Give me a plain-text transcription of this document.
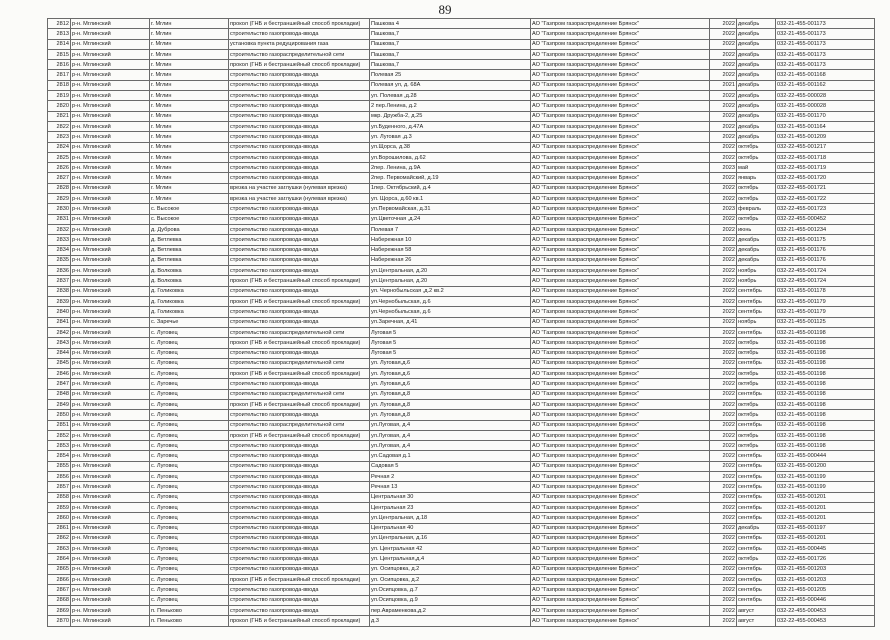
89
2812	р-н. Мглинский	г. Мглин	прокол (ГНБ и бестраншейный способ прокладки)	Пашкова 4	АО "Газпром газораспределение Брянск"	2022	декабрь	032-21-455-001173
2813	р-н. Мглинский	г. Мглин	строительство газопровода-ввода	Пашкова,7	АО "Газпром газораспределение Брянск"	2022	декабрь	032-21-455-001173
2814	р-н. Мглинский	г. Мглин	установка пункта редуцирования газа	Пашкова,7	АО "Газпром газораспределение Брянск"	2022	декабрь	032-21-455-001173
2815	р-н. Мглинский	г. Мглин	строительство газораспределительной сети	Пашкова,7	АО "Газпром газораспределение Брянск"	2022	декабрь	032-21-455-001173
2816	р-н. Мглинский	г. Мглин	прокол (ГНБ и бестраншейный способ прокладки)	Пашкова,7	АО "Газпром газораспределение Брянск"	2022	декабрь	032-21-455-001173
2817	р-н. Мглинский	г. Мглин	строительство газопровода-ввода	Полевая 25	АО "Газпром газораспределение Брянск"	2022	декабрь	032-21-455-001168
2818	р-н. Мглинский	г. Мглин	строительство газопровода-ввода	Полевая ул, д. 68А	АО "Газпром газораспределение Брянск"	2021	декабрь	032-21-455-001162
2819	р-н. Мглинский	г. Мглин	строительство газопровода-ввода	ул. Полевая ,д.28	АО "Газпром газораспределение Брянск"	2022	декабрь	032-22-455-000028
2820	р-н. Мглинский	г. Мглин	строительство газопровода-ввода	2 пер.Ленина, д.2	АО "Газпром газораспределение Брянск"	2022	декабрь	032-21-455-000028
2821	р-н. Мглинский	г. Мглин	строительство газопровода-ввода	мкр. Дружба-2, д.25	АО "Газпром газораспределение Брянск"	2022	декабрь	032-21-455-001170
2822	р-н. Мглинский	г. Мглин	строительство газопровода-ввода	ул.Буденного, д.47А	АО "Газпром газораспределение Брянск"	2022	декабрь	032-21-455-001164
2823	р-н. Мглинский	г. Мглин	строительство газопровода-ввода	ул. Луговая ,д.3	АО "Газпром газораспределение Брянск"	2022	декабрь	032-21-455-001209
2824	р-н. Мглинский	г. Мглин	строительство газопровода-ввода	ул.Щорса, д.38	АО "Газпром газораспределение Брянск"	2022	октябрь	032-22-455-001217
2825	р-н. Мглинский	г. Мглин	строительство газопровода-ввода	ул.Ворошилова, д.62	АО "Газпром газораспределение Брянск"	2022	октябрь	032-22-455-001718
2826	р-н. Мглинский	г. Мглин	строительство газопровода-ввода	2пер. Ленина, д.9А	АО "Газпром газораспределение Брянск"	2023	май	032-22-455-001719
2827	р-н. Мглинский	г. Мглин	строительство газопровода-ввода	2пер. Первомайский, д.19	АО "Газпром газораспределение Брянск"	2022	январь	032-22-455-001720
2828	р-н. Мглинский	г. Мглин	врезка на участке заглушки (нулевая врезка)	1пер. Октябрьский, д.4	АО "Газпром газораспределение Брянск"	2022	октябрь	032-22-455-001721
2829	р-н. Мглинский	г. Мглин	врезка на участке заглушки (нулевая врезка)	ул. Щорса, д.60 кв.1	АО "Газпром газораспределение Брянск"	2022	октябрь	032-22-455-001722
2830	р-н. Мглинский	с. Высокое	строительство газопровода-ввода	ул.Первомайская, д.31	АО "Газпром газораспределение Брянск"	2023	февраль	032-22-455-001723
2831	р-н. Мглинский	с. Высокое	строительство газопровода-ввода	ул.Цветочная ,д.24	АО "Газпром газораспределение Брянск"	2022	октябрь	032-22-455-000452
2832	р-н. Мглинский	д. Дуброва	строительство газопровода-ввода	Полевая 7	АО "Газпром газораспределение Брянск"	2022	июнь	032-21-455-001234
2833	р-н. Мглинский	д. Ветлевка	строительство газопровода-ввода	Набережная 10	АО "Газпром газораспределение Брянск"	2022	декабрь	032-21-455-001175
2834	р-н. Мглинский	д. Ветлевка	строительство газопровода-ввода	Набережная 58	АО "Газпром газораспределение Брянск"	2022	декабрь	032-21-455-001176
2835	р-н. Мглинский	д. Ветлевка	строительство газопровода-ввода	Набережная 26	АО "Газпром газораспределение Брянск"	2022	декабрь	032-21-455-001176
2836	р-н. Мглинский	д. Волковка	строительство газопровода-ввода	ул.Центральная, д.20	АО "Газпром газораспределение Брянск"	2022	ноябрь	032-22-455-001724
2837	р-н. Мглинский	д. Волковка	прокол (ГНБ и бестраншейный способ прокладки)	ул.Центральная, д.20	АО "Газпром газораспределение Брянск"	2022	ноябрь	032-22-455-001724
2838	р-н. Мглинский	д. Голиковка	строительство газопровода-ввода	ул. Чернобыльская ,д.2 кв.2	АО "Газпром газораспределение Брянск"	2022	сентябрь	032-21-455-001178
2839	р-н. Мглинский	д. Голиковка	прокол (ГНБ и бестраншейный способ прокладки)	ул.Чернобыльская, д.6	АО "Газпром газораспределение Брянск"	2022	сентябрь	032-21-455-001179
2840	р-н. Мглинский	д. Голиковка	строительство газопровода-ввода	ул.Чернобыльская, д.6	АО "Газпром газораспределение Брянск"	2022	сентябрь	032-21-455-001179
2841	р-н. Мглинский	с. Заречье	строительство газопровода-ввода	ул.Заречная, д.41	АО "Газпром газораспределение Брянск"	2022	ноябрь	032-21-455-001125
2842	р-н. Мглинский	с. Луговец	строительство газораспределительной сети	Луговая 5	АО "Газпром газораспределение Брянск"	2022	сентябрь	032-21-455-001198
2843	р-н. Мглинский	с. Луговец	прокол (ГНБ и бестраншейный способ прокладки)	Луговая 5	АО "Газпром газораспределение Брянск"	2022	октябрь	032-21-455-001198
2844	р-н. Мглинский	с. Луговец	строительство газопровода-ввода	Луговая 5	АО "Газпром газораспределение Брянск"	2022	октябрь	032-21-455-001198
2845	р-н. Мглинский	с. Луговец	строительство газораспределительной сети	ул. Луговая,д.6	АО "Газпром газораспределение Брянск"	2022	сентябрь	032-21-455-001198
2846	р-н. Мглинский	с. Луговец	прокол (ГНБ и бестраншейный способ прокладки)	ул. Луговая,д.6	АО "Газпром газораспределение Брянск"	2022	октябрь	032-21-455-001198
2847	р-н. Мглинский	с. Луговец	строительство газопровода-ввода	ул. Луговая,д.6	АО "Газпром газораспределение Брянск"	2022	октябрь	032-21-455-001198
2848	р-н. Мглинский	с. Луговец	строительство газораспределительной сети	ул. Луговая,д.8	АО "Газпром газораспределение Брянск"	2022	сентябрь	032-21-455-001198
2849	р-н. Мглинский	с. Луговец	прокол (ГНБ и бестраншейный способ прокладки)	ул. Луговая,д.8	АО "Газпром газораспределение Брянск"	2022	октябрь	032-21-455-001198
2850	р-н. Мглинский	с. Луговец	строительство газопровода-ввода	ул. Луговая,д.8	АО "Газпром газораспределение Брянск"	2022	октябрь	032-21-455-001198
2851	р-н. Мглинский	с. Луговец	строительство газораспределительной сети	ул.Луговая, д.4	АО "Газпром газораспределение Брянск"	2022	сентябрь	032-21-455-001198
2852	р-н. Мглинский	с. Луговец	прокол (ГНБ и бестраншейный способ прокладки)	ул.Луговая, д.4	АО "Газпром газораспределение Брянск"	2022	октябрь	032-21-455-001198
2853	р-н. Мглинский	с. Луговец	строительство газопровода-ввода	ул.Луговая, д.4	АО "Газпром газораспределение Брянск"	2022	октябрь	032-21-455-001198
2854	р-н. Мглинский	с. Луговец	строительство газопровода-ввода	ул.Садовая д.1	АО "Газпром газораспределение Брянск"	2022	сентябрь	032-21-455-000444
2855	р-н. Мглинский	с. Луговец	строительство газопровода-ввода	Садовая 5	АО "Газпром газораспределение Брянск"	2022	сентябрь	032-21-455-001200
2856	р-н. Мглинский	с. Луговец	строительство газопровода-ввода	Речная 2	АО "Газпром газораспределение Брянск"	2022	сентябрь	032-21-455-001199
2857	р-н. Мглинский	с. Луговец	строительство газопровода-ввода	Речная 13	АО "Газпром газораспределение Брянск"	2022	сентябрь	032-21-455-001199
2858	р-н. Мглинский	с. Луговец	строительство газопровода-ввода	Центральная 30	АО "Газпром газораспределение Брянск"	2022	сентябрь	032-21-455-001201
2859	р-н. Мглинский	с. Луговец	строительство газопровода-ввода	Центральная 23	АО "Газпром газораспределение Брянск"	2022	сентябрь	032-21-455-001201
2860	р-н. Мглинский	с. Луговец	строительство газопровода-ввода	ул.Центральная, д.18	АО "Газпром газораспределение Брянск"	2022	сентябрь	032-21-455-001201
2861	р-н. Мглинский	с. Луговец	строительство газопровода-ввода	Центральная 40	АО "Газпром газораспределение Брянск"	2022	декабрь	032-21-455-001197
2862	р-н. Мглинский	с. Луговец	строительство газопровода-ввода	ул.Центральная, д.16	АО "Газпром газораспределение Брянск"	2022	сентябрь	032-21-455-001201
2863	р-н. Мглинский	с. Луговец	строительство газопровода-ввода	ул. Центральная 42	АО "Газпром газораспределение Брянск"	2022	сентябрь	032-21-455-000445
2864	р-н. Мглинский	с. Луговец	строительство газопровода-ввода	ул. Центральная,д.4	АО "Газпром газораспределение Брянск"	2022	октябрь	032-22-455-001726
2865	р-н. Мглинский	с. Луговец	строительство газопровода-ввода	ул. Осипцовка, д.2	АО "Газпром газораспределение Брянск"	2022	сентябрь	032-21-455-001203
2866	р-н. Мглинский	с. Луговец	прокол (ГНБ и бестраншейный способ прокладки)	ул. Осипцовка, д.2	АО "Газпром газораспределение Брянск"	2022	сентябрь	032-21-455-001203
2867	р-н. Мглинский	с. Луговец	строительство газопровода-ввода	ул.Осипцовка, д.7	АО "Газпром газораспределение Брянск"	2022	сентябрь	032-21-455-001205
2868	р-н. Мглинский	с. Луговец	строительство газопровода-ввода	ул.Осипцовка, д.9	АО "Газпром газораспределение Брянск"	2022	сентябрь	032-21-455-000446
2869	р-н. Мглинский	п. Пеньково	строительство газопровода-ввода	пер.Авраменкова,д.2	АО "Газпром газораспределение Брянск"	2022	август	032-22-455-000453
2870	р-н. Мглинский	п. Пеньково	прокол (ГНБ и бестраншейный способ прокладки)	д.3	АО "Газпром газораспределение Брянск"	2022	август	032-22-455-000453
